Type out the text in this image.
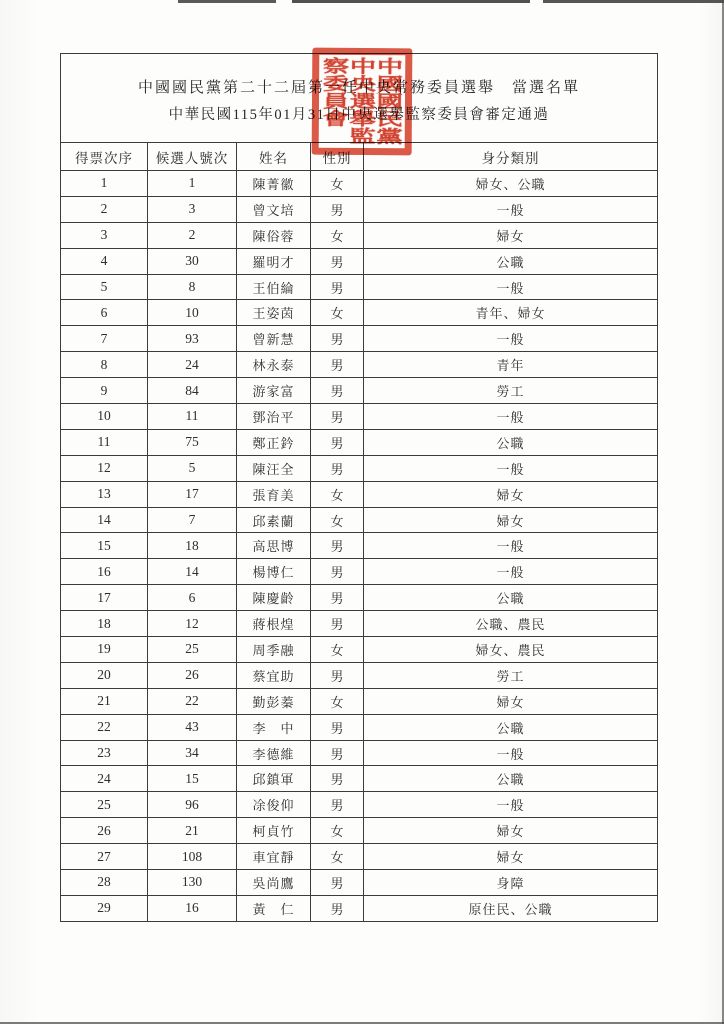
中國國民黨第二十二屆第一任中央常務委員選舉　當選名單
中華民國115年01月31日中央選舉監察委員會審定通過				

得票次序	候選人號次	姓名	性別	身分類別
1	1	陳菁徽	女	婦女、公職
2	3	曾文培	男	一般
3	2	陳俗蓉	女	婦女
4	30	羅明才	男	公職
5	8	王伯綸	男	一般
6	10	王姿茵	女	青年、婦女
7	93	曾新慧	男	一般
8	24	林永泰	男	青年
9	84	游家富	男	勞工
10	11	鄧治平	男	一般
11	75	鄭正鈐	男	公職
12	5	陳汪全	男	一般
13	17	張育美	女	婦女
14	7	邱素蘭	女	婦女
15	18	高思博	男	一般
16	14	楊博仁	男	一般
17	6	陳慶齡	男	公職
18	12	蔣根煌	男	公職、農民
19	25	周季融	女	婦女、農民
20	26	蔡宜助	男	勞工
21	22	勤彭蓁	女	婦女
22	43	李　中	男	公職
23	34	李德維	男	一般
24	15	邱鎮軍	男	公職
25	96	凃俊仰	男	一般
26	21	柯貞竹	女	婦女
27	108	車宜靜	女	婦女
28	130	吳尚鷹	男	身障
29	16	黃　仁	男	原住民、公職
中國國民黨中央選舉監察委員會
